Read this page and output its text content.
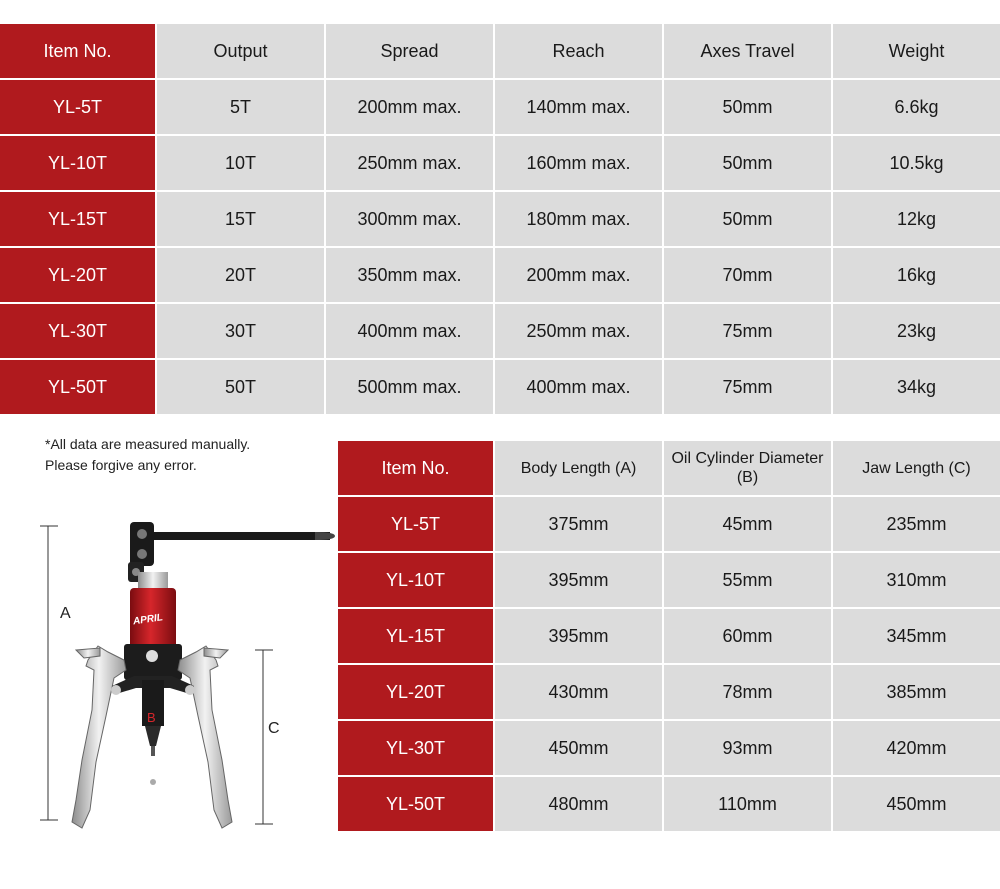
Item No.	Output	Spread	Reach	Axes Travel	Weight
YL-5T	5T	200mm max.	140mm max.	50mm	6.6kg
YL-10T	10T	250mm max.	160mm max.	50mm	10.5kg
YL-15T	15T	300mm max.	180mm max.	50mm	12kg
YL-20T	20T	350mm max.	200mm max.	70mm	16kg
YL-30T	30T	400mm max.	250mm max.	75mm	23kg
YL-50T	50T	500mm max.	400mm max.	75mm	34kg
*All data are measured manually.
Please forgive any error.
A
C
APRIL
B
Item No.	Body Length (A)	Oil Cylinder Diameter (B)	Jaw Length (C)
YL-5T	375mm	45mm	235mm
YL-10T	395mm	55mm	310mm
YL-15T	395mm	60mm	345mm
YL-20T	430mm	78mm	385mm
YL-30T	450mm	93mm	420mm
YL-50T	480mm	110mm	450mm
